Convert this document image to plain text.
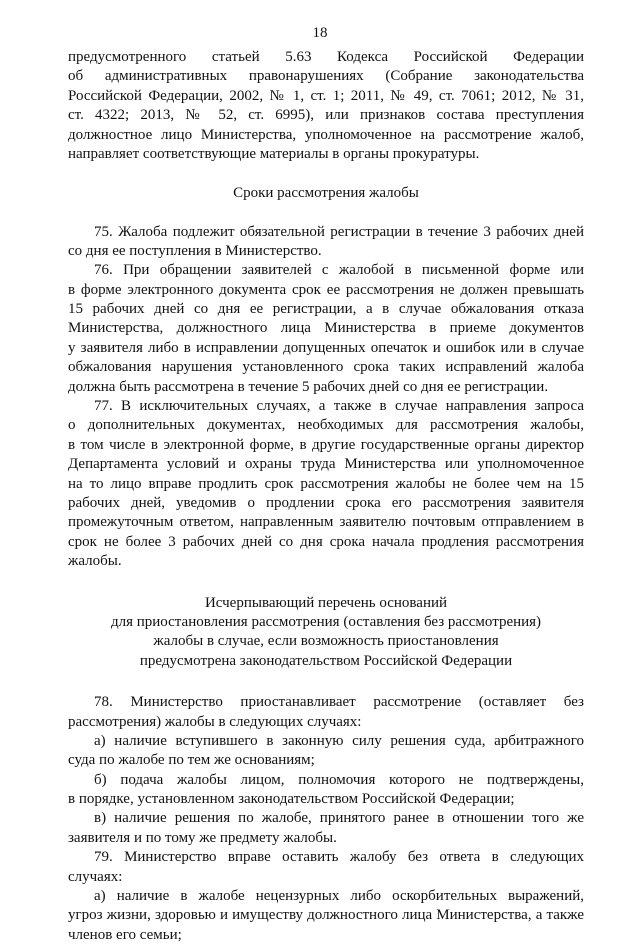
18
предусмотренного статьей 5.63 Кодекса Российской Федерации
об административных правонарушениях (Собрание законодательства
Российской Федерации, 2002, № 1, ст. 1; 2011, № 49, ст. 7061; 2012, № 31,
ст. 4322; 2013, № 52, ст. 6995), или признаков состава преступления
должностное лицо Министерства, уполномоченное на рассмотрение жалоб,
направляет соответствующие материалы в органы прокуратуры.
Сроки рассмотрения жалобы
75. Жалоба подлежит обязательной регистрации в течение 3 рабочих дней
со дня ее поступления в Министерство.
76. При обращении заявителей с жалобой в письменной форме или
в форме электронного документа срок ее рассмотрения не должен превышать
15 рабочих дней со дня ее регистрации, а в случае обжалования отказа
Министерства, должностного лица Министерства в приеме документов
у заявителя либо в исправлении допущенных опечаток и ошибок или в случае
обжалования нарушения установленного срока таких исправлений жалоба
должна быть рассмотрена в течение 5 рабочих дней со дня ее регистрации.
77. В исключительных случаях, а также в случае направления запроса
о дополнительных документах, необходимых для рассмотрения жалобы,
в том числе в электронной форме, в другие государственные органы директор
Департамента условий и охраны труда Министерства или уполномоченное
на то лицо вправе продлить срок рассмотрения жалобы не более чем на 15
рабочих дней, уведомив о продлении срока его рассмотрения заявителя
промежуточным ответом, направленным заявителю почтовым отправлением в
срок не более 3 рабочих дней со дня срока начала продления рассмотрения
жалобы.
Исчерпывающий перечень оснований
для приостановления рассмотрения (оставления без рассмотрения)
жалобы в случае, если возможность приостановления
предусмотрена законодательством Российской Федерации
78. Министерство приостанавливает рассмотрение (оставляет без
рассмотрения) жалобы в следующих случаях:
а) наличие вступившего в законную силу решения суда, арбитражного
суда по жалобе по тем же основаниям;
б) подача жалобы лицом, полномочия которого не подтверждены,
в порядке, установленном законодательством Российской Федерации;
в) наличие решения по жалобе, принятого ранее в отношении того же
заявителя и по тому же предмету жалобы.
79. Министерство вправе оставить жалобу без ответа в следующих
случаях:
а) наличие в жалобе нецензурных либо оскорбительных выражений,
угроз жизни, здоровью и имуществу должностного лица Министерства, а также
членов его семьи;
